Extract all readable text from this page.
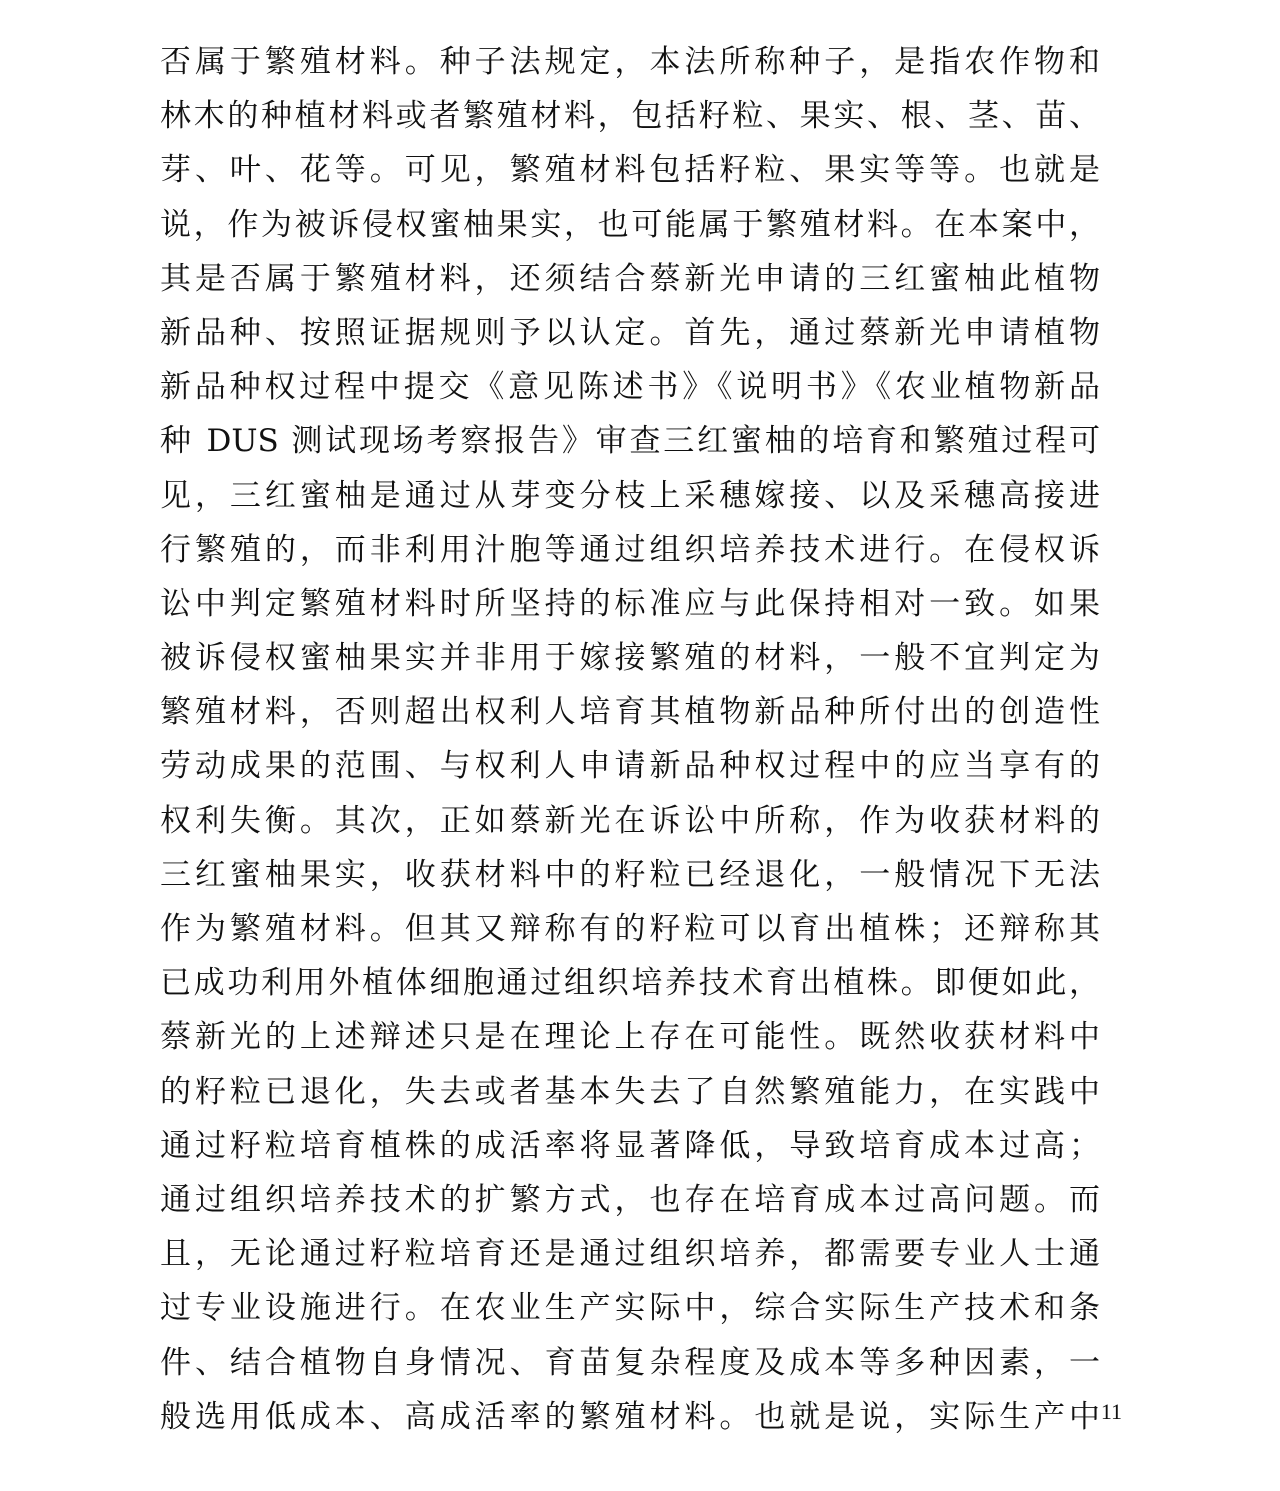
否属于繁殖材料。种子法规定，本法所称种子，是指农作物和
林木的种植材料或者繁殖材料，包括籽粒、果实、根、茎、苗、
芽、叶、花等。可见，繁殖材料包括籽粒、果实等等。也就是
说，作为被诉侵权蜜柚果实，也可能属于繁殖材料。在本案中，
其是否属于繁殖材料，还须结合蔡新光申请的三红蜜柚此植物
新品种、按照证据规则予以认定。首先，通过蔡新光申请植物
新品种权过程中提交《意见陈述书》《说明书》《农业植物新品
种 DUS 测试现场考察报告》审查三红蜜柚的培育和繁殖过程可
见，三红蜜柚是通过从芽变分枝上采穗嫁接、以及采穗高接进
行繁殖的，而非利用汁胞等通过组织培养技术进行。在侵权诉
讼中判定繁殖材料时所坚持的标准应与此保持相对一致。如果
被诉侵权蜜柚果实并非用于嫁接繁殖的材料，一般不宜判定为
繁殖材料，否则超出权利人培育其植物新品种所付出的创造性
劳动成果的范围、与权利人申请新品种权过程中的应当享有的
权利失衡。其次，正如蔡新光在诉讼中所称，作为收获材料的
三红蜜柚果实，收获材料中的籽粒已经退化，一般情况下无法
作为繁殖材料。但其又辩称有的籽粒可以育出植株；还辩称其
已成功利用外植体细胞通过组织培养技术育出植株。即便如此，
蔡新光的上述辩述只是在理论上存在可能性。既然收获材料中
的籽粒已退化，失去或者基本失去了自然繁殖能力，在实践中
通过籽粒培育植株的成活率将显著降低，导致培育成本过高；
通过组织培养技术的扩繁方式，也存在培育成本过高问题。而
且，无论通过籽粒培育还是通过组织培养，都需要专业人士通
过专业设施进行。在农业生产实际中，综合实际生产技术和条
件、结合植物自身情况、育苗复杂程度及成本等多种因素，一
般选用低成本、高成活率的繁殖材料。也就是说，实际生产中 11
